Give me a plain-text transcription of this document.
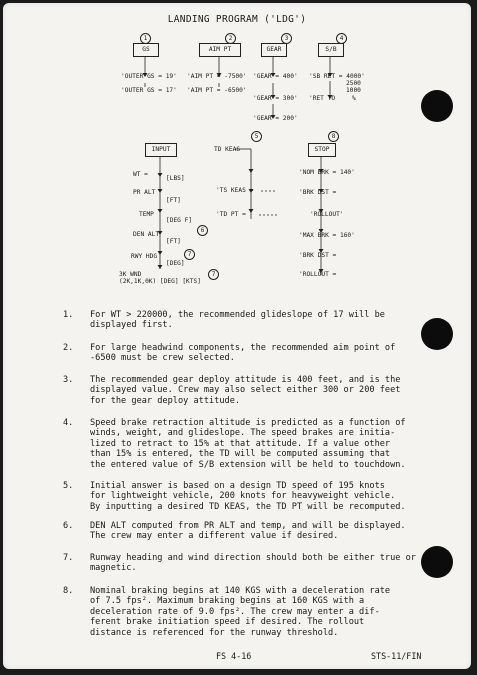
LANDING PROGRAM ('LDG')
1
GS
'OUTER GS = 19'
'OUTER GS = 17'
2
AIM PT
'AIM PT = -7500'
'AIM PT = -6500'
3
GEAR
'GEAR = 400'
'GEAR = 300'
'GEAR = 200'
4
S/B
'SB RET = 4000'
2500
1000
'RET TO	%
INPUT
WT =
[LBS]
PR ALT
[FT]
TEMP
[DEG F]
DEN ALT
[FT]
RWY HDG
[DEG]
3K WND
(2K,1K,0K) [DEG] [KTS]
6
7
7
5
TD KEAS
'TS KEAS =
'TD PT =
8
STOP
'NOM BRK = 140'
'BRK DST =
'ROLLOUT'
'MAX BRK = 160'
'BRK DST =
'ROLLOUT =
1. For WT > 220000, the recommended glideslope of 17 will be
displayed first.
2. For large headwind components, the recommended aim point of
-6500 must be crew selected.
3. The recommended gear deploy attitude is 400 feet, and is the
displayed value. Crew may also select either 300 or 200 feet
for the gear deploy attitude.
4. Speed brake retraction altitude is predicted as a function of
winds, weight, and glideslope. The speed brakes are initia-
lized to retract to 15% at that attitude. If a value other
than 15% is entered, the TD will be computed assuming that
the entered value of S/B extension will be held to touchdown.
5. Initial answer is based on a design TD speed of 195 knots
for lightweight vehicle, 200 knots for heavyweight vehicle.
By inputting a desired TD KEAS, the TD PT will be recomputed.
6. DEN ALT computed from PR ALT and temp, and will be displayed.
The crew may enter a different value if desired.
7. Runway heading and wind direction should both be either true or
magnetic.
8. Nominal braking begins at 140 KGS with a deceleration rate
of 7.5 fps². Maximum braking begins at 160 KGS with a
deceleration rate of 9.0 fps². The crew may enter a dif-
ferent brake initiation speed if desired. The rollout
distance is referenced for the runway threshold.
FS 4-16	STS-11/FIN
